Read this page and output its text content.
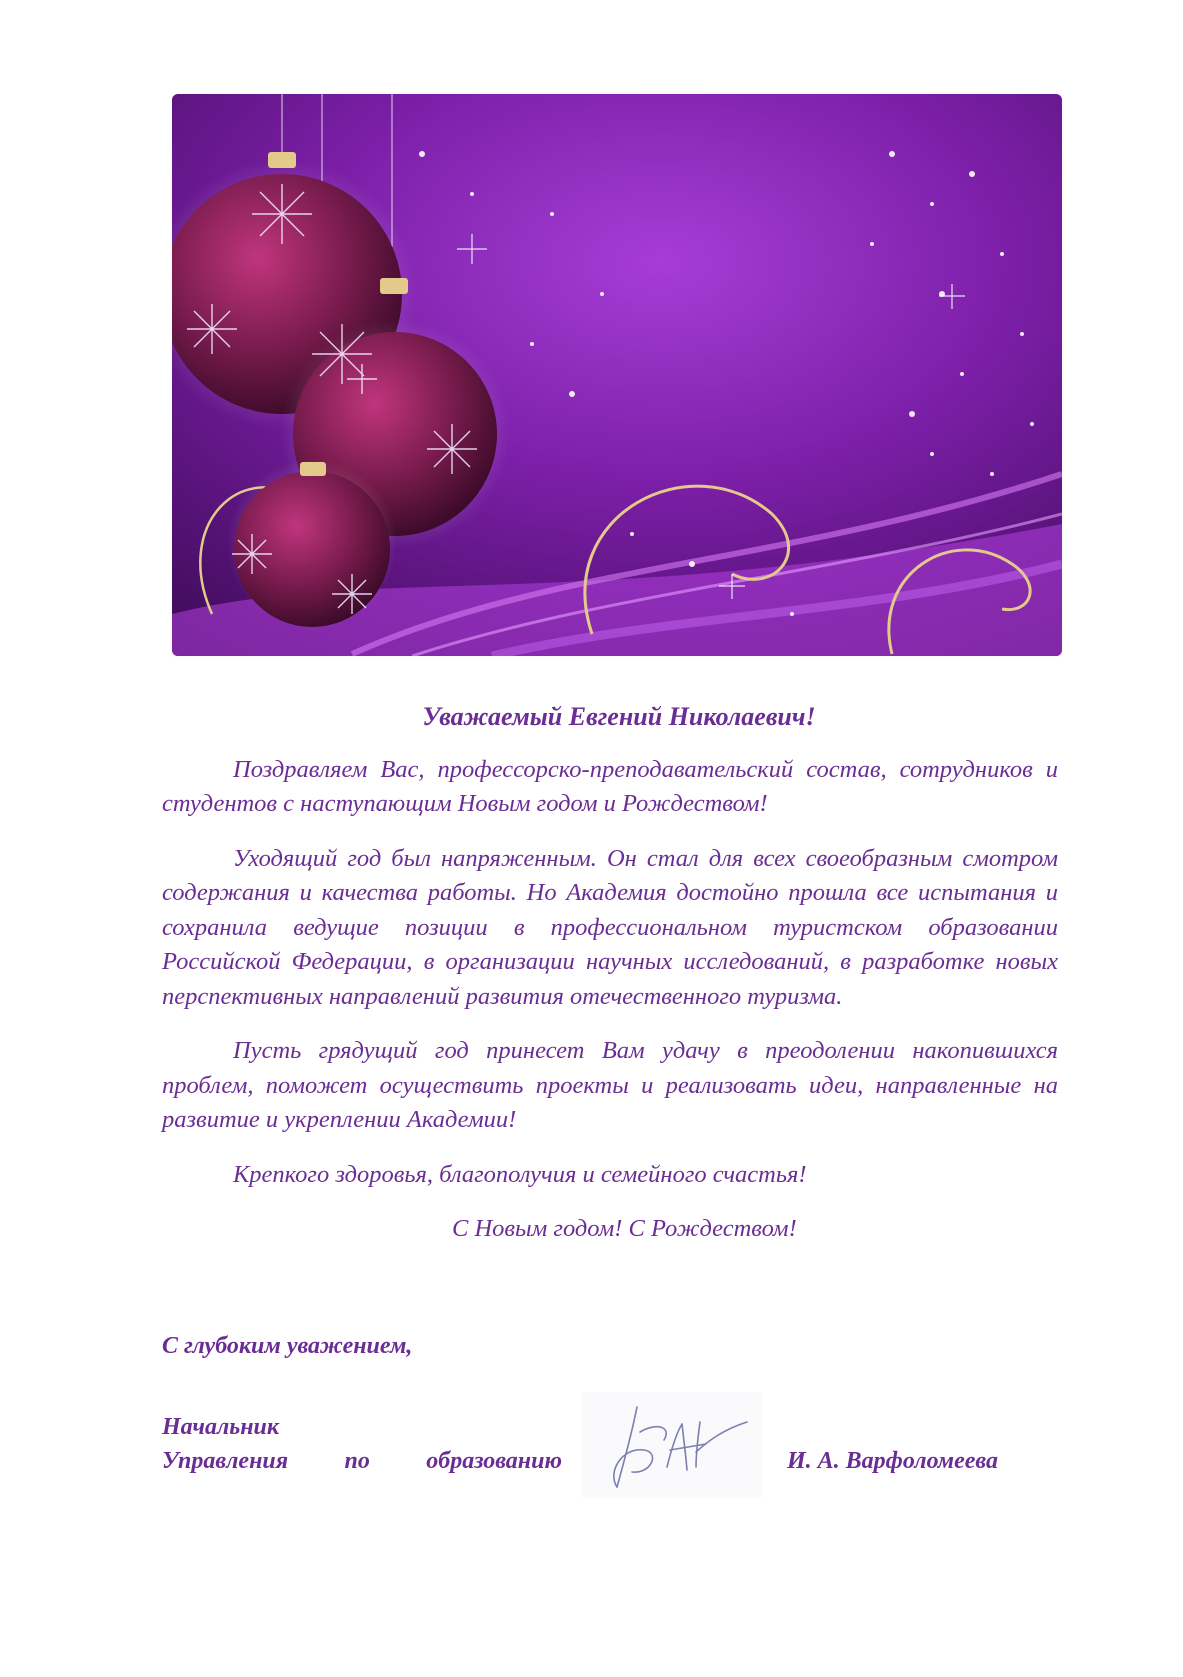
Уважаемый Евгений Николаевич!

Поздравляем Вас, профессорско-преподавательский состав, сотрудников и студентов с наступающим Новым годом и Рождеством!

Уходящий год был напряженным. Он стал для всех своеобразным смотром содержания и качества работы. Но Академия достойно прошла все испытания и сохранила ведущие позиции в профессиональном туристском образовании Российской Федерации, в организации научных исследований, в разработке новых перспективных направлений развития отечественного туризма.

Пусть грядущий год принесет Вам удачу в преодолении накопившихся проблем, поможет осуществить проекты и реализовать идеи, направленные на развитие и укреплении Академии!

Крепкого здоровья, благополучия и семейного счастья!

С Новым годом! С Рождеством!

С глубоким уважением,
Начальник
Управления по образованию	И. А. Варфоломеева
